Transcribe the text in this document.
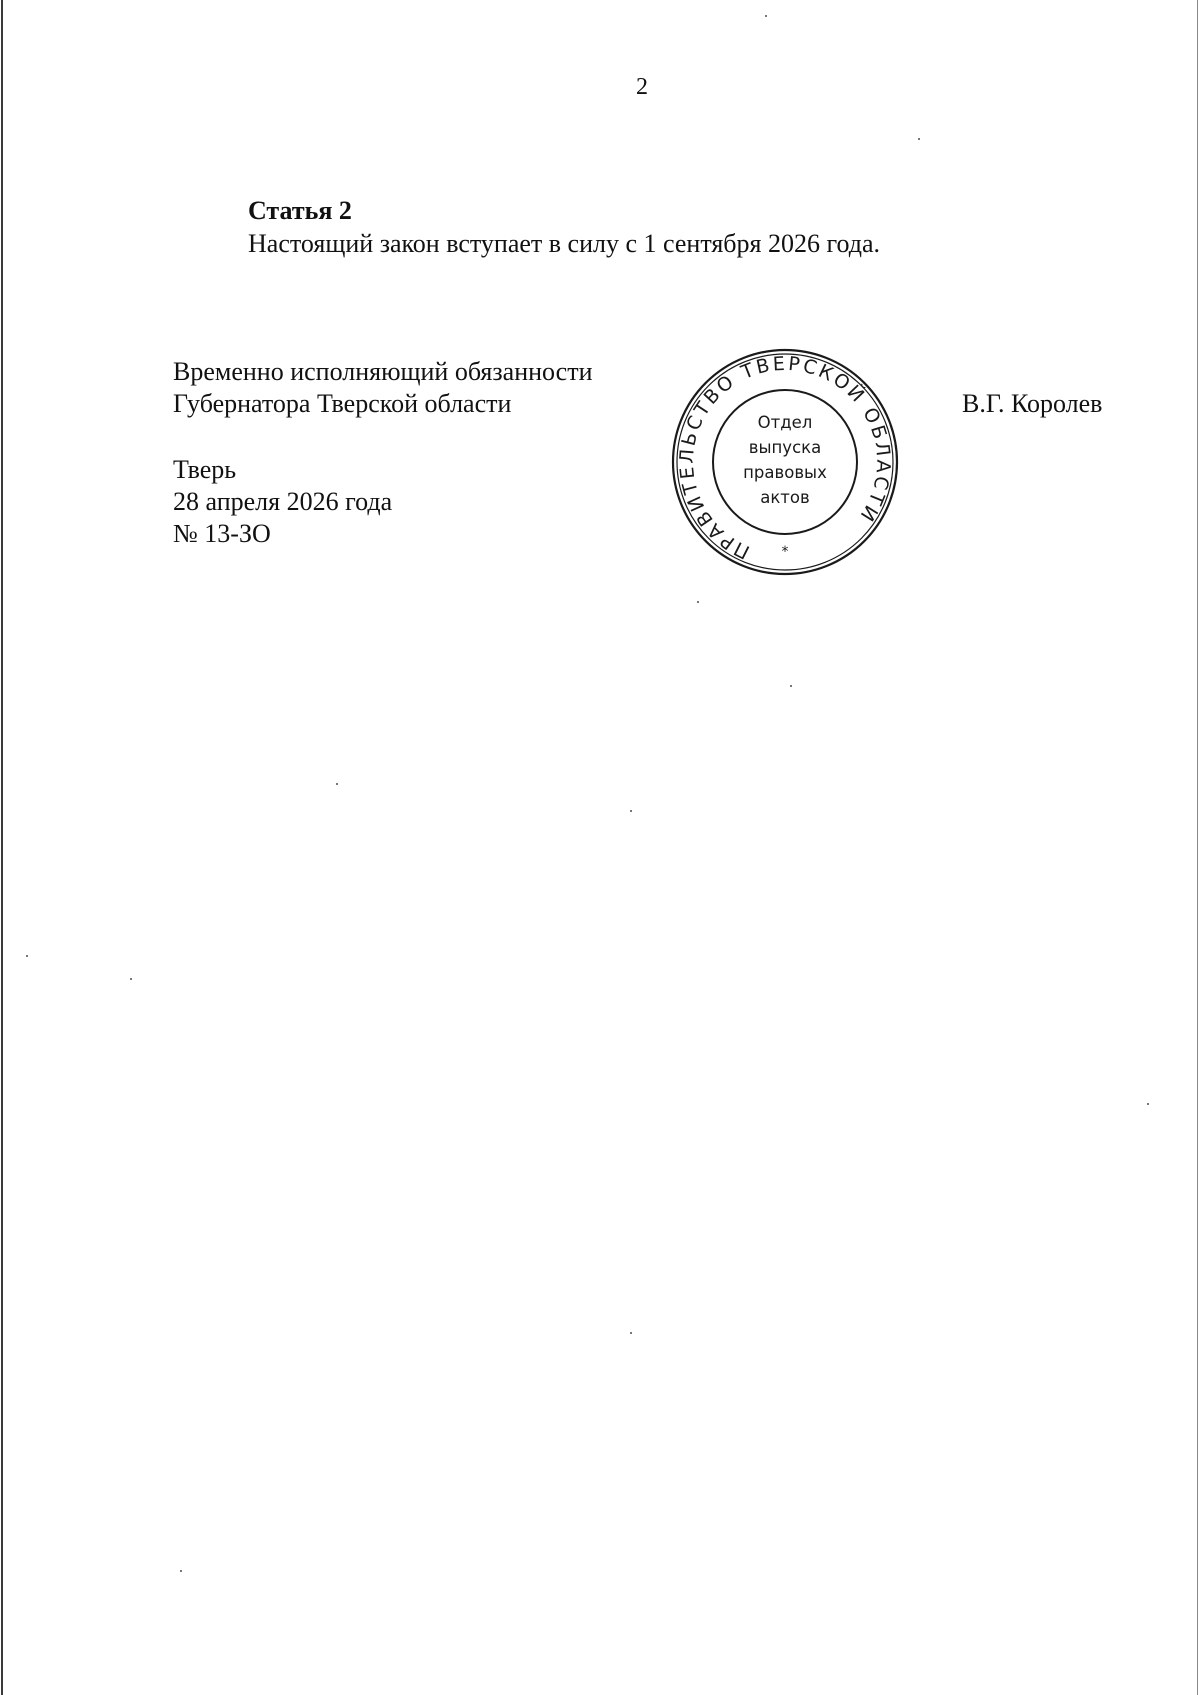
2
Статья 2
Настоящий закон вступает в силу с 1 сентября 2026 года.
Временно исполняющий обязанности
Губернатора Тверской области
Тверь
28 апреля 2026 года
№ 13-ЗО
В.Г. Королев
ПРАВИТЕЛЬСТВО ТВЕРСКОЙ ОБЛАСТИ
*
Отдел
выпуска
правовых
актов
